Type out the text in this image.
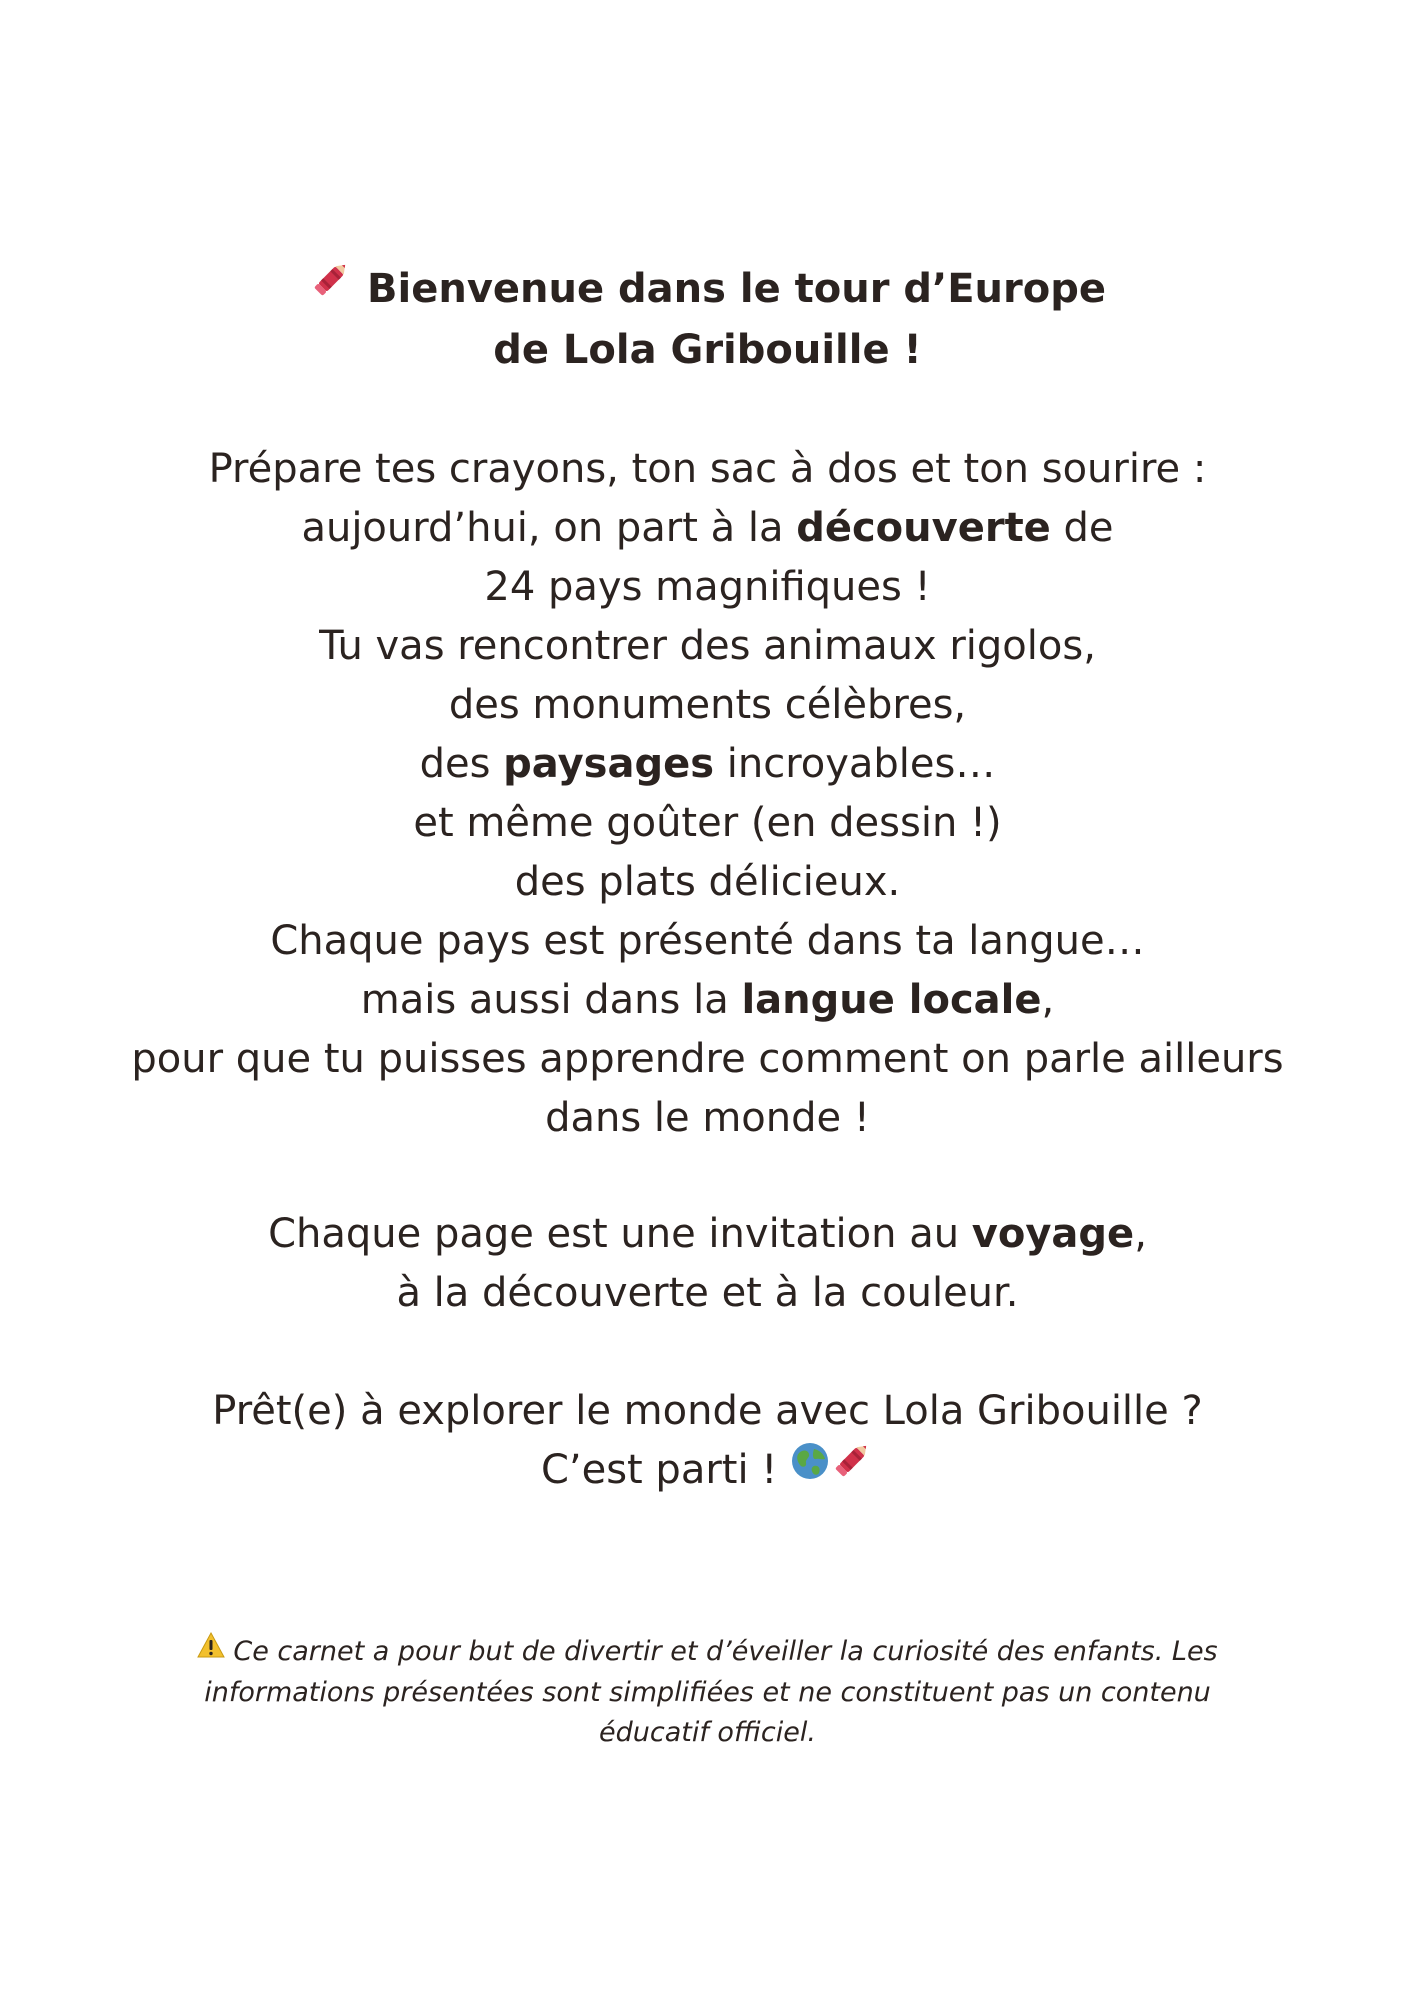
Bienvenue dans le tour d’Europe
de Lola Gribouille !
Prépare tes crayons, ton sac à dos et ton sourire :
aujourd’hui, on part à la découverte de
24 pays magnifiques !
Tu vas rencontrer des animaux rigolos,
des monuments célèbres,
des paysages incroyables…
et même goûter (en dessin !)
des plats délicieux.
Chaque pays est présenté dans ta langue…
mais aussi dans la langue locale,
pour que tu puisses apprendre comment on parle ailleurs
dans le monde !
Chaque page est une invitation au voyage,
à la découverte et à la couleur.
Prêt(e) à explorer le monde avec Lola Gribouille ?
C’est parti !
Ce carnet a pour but de divertir et d’éveiller la curiosité des enfants. Les informations présentées sont simplifiées et ne constituent pas un contenu éducatif officiel.
